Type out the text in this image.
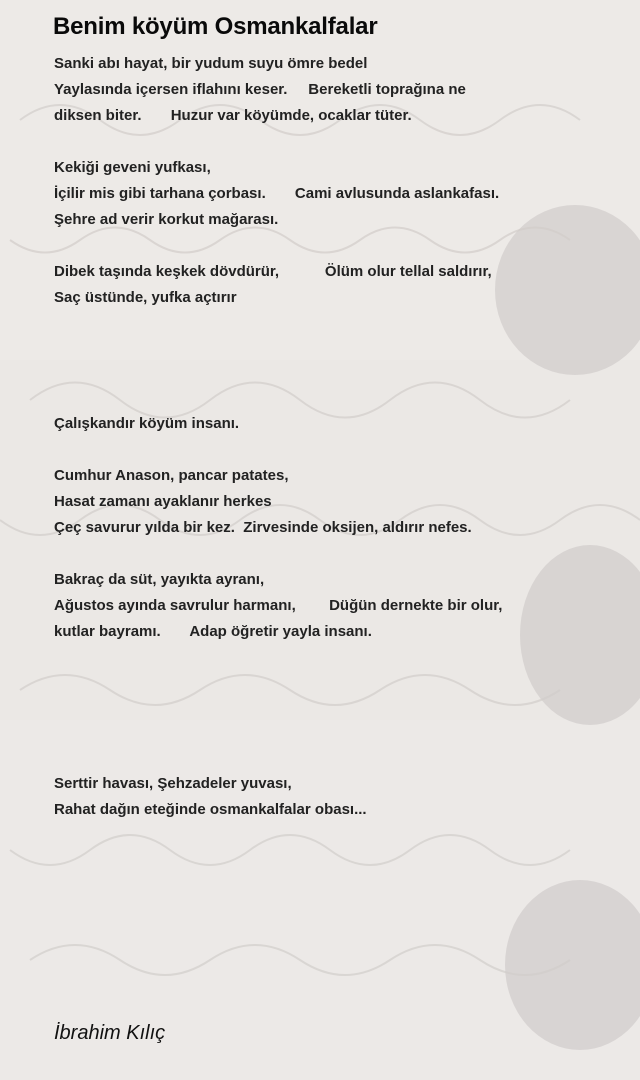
Benim köyüm Osmankalfalar
Sanki abı hayat, bir yudum suyu ömre bedel
Yaylasında içersen iflahını keser.     Bereketli toprağına ne
diksen biter.       Huzur var köyümde, ocaklar tüter.
Kekiği geveni yufkası,
İçilir mis gibi tarhana çorbası.       Cami avlusunda aslankafası.
Şehre ad verir korkut mağarası.
Dibek taşında keşkek dövdürür,           Ölüm olur tellal saldırır,
Saç üstünde, yufka açtırır
Çalışkandır köyüm insanı.
Cumhur Anason, pancar patates,
Hasat zamanı ayaklanır herkes
Çeç savurur yılda bir kez.  Zirvesinde oksijen, aldırır nefes.
Bakraç da süt, yayıkta ayranı,
Ağustos ayında savrulur harmanı,        Düğün dernekte bir olur,
kutlar bayramı.       Adap öğretir yayla insanı.
Serttir havası, Şehzadeler yuvası,
Rahat dağın eteğinde osmankalfalar obası...

İbrahim Kılıç
